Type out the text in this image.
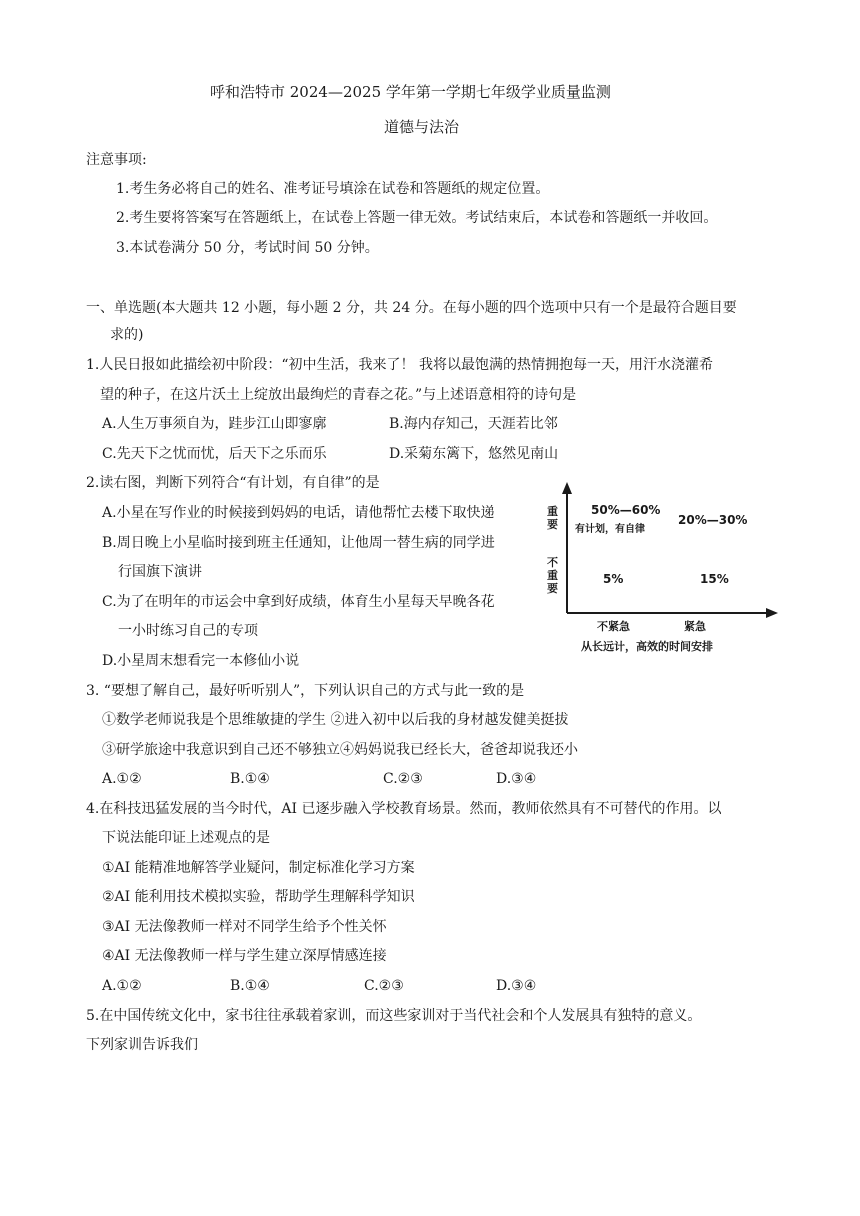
呼和浩特市 2024—2025 学年第一学期七年级学业质量监测
道德与法治
注意事项:
1.考生务必将自己的姓名、准考证号填涂在试卷和答题纸的规定位置。
2.考生要将答案写在答题纸上，在试卷上答题一律无效。考试结束后，本试卷和答题纸一并收回。
3.本试卷满分 50 分，考试时间 50 分钟。
一、单选题(本大题共 12 小题，每小题 2 分，共 24 分。在每小题的四个选项中只有一个是最符合题目要
求的)
1.人民日报如此描绘初中阶段：“初中生活，我来了！ 我将以最饱满的热情拥抱每一天，用汗水浇灌希
望的种子，在这片沃土上绽放出最绚烂的青春之花。”与上述语意相符的诗句是
A.人生万事须自为，跬步江山即寥廓	B.海内存知己，天涯若比邻
C.先天下之忧而忧，后天下之乐而乐	D.采菊东篱下，悠然见南山
2.读右图，判断下列符合“有计划，有自律”的是
A.小星在写作业的时候接到妈妈的电话，请他帮忙去楼下取快递
B.周日晚上小星临时接到班主任通知，让他周一替生病的同学进
行国旗下演讲
C.为了在明年的市运会中拿到好成绩，体育生小星每天早晚各花
一小时练习自己的专项
D.小星周末想看完一本修仙小说
重要
不重要
50%—60%
有计划，有自律
20%—30%
5%	15%
不紧急	紧急
从长远计，高效的时间安排
3. “要想了解自己，最好听听别人”，下列认识自己的方式与此一致的是
①数学老师说我是个思维敏捷的学生 ②进入初中以后我的身材越发健美挺拔
③研学旅途中我意识到自己还不够独立④妈妈说我已经长大，爸爸却说我还小
A.①②	B.①④	C.②③	D.③④
4.在科技迅猛发展的当今时代，AI 已逐步融入学校教育场景。然而，教师依然具有不可替代的作用。以
下说法能印证上述观点的是
①AI 能精准地解答学业疑问，制定标准化学习方案
②AI 能利用技术模拟实验，帮助学生理解科学知识
③AI 无法像教师一样对不同学生给予个性关怀
④AI 无法像教师一样与学生建立深厚情感连接
A.①②	B.①④	C.②③	D.③④
5.在中国传统文化中，家书往往承载着家训，而这些家训对于当代社会和个人发展具有独特的意义。
下列家训告诉我们
